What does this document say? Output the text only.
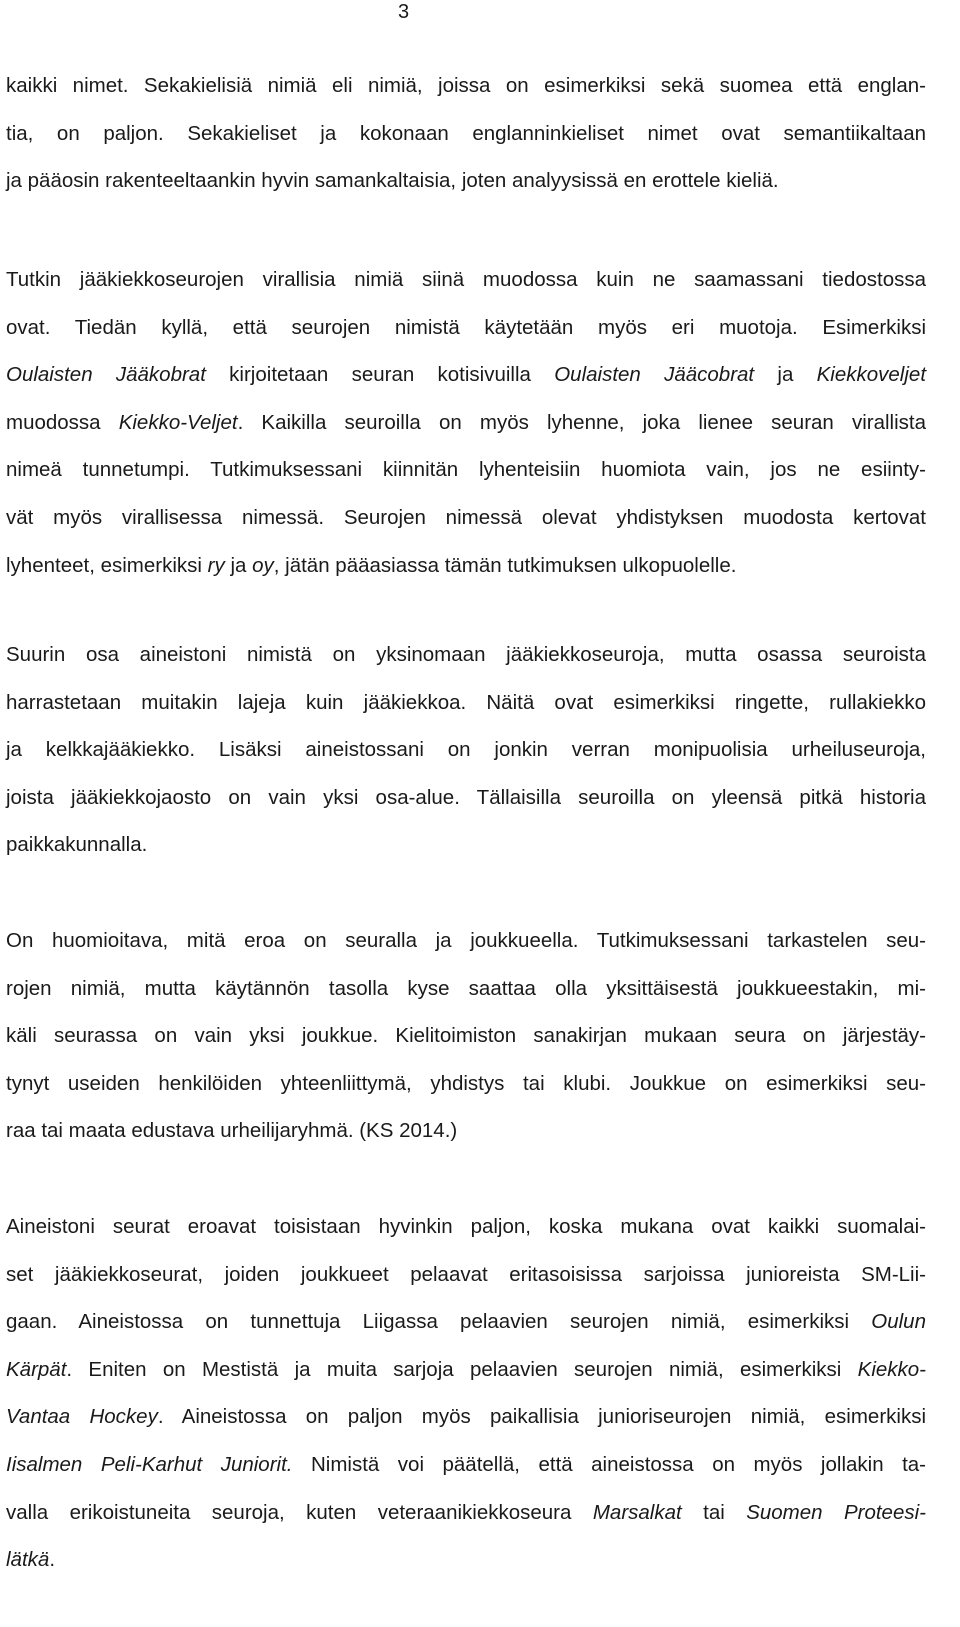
3
kaikki nimet. Sekakielisiä nimiä eli nimiä, joissa on esimerkiksi sekä suomea että englan-
tia, on paljon. Sekakieliset ja kokonaan englanninkieliset nimet ovat semantiikaltaan
ja pääosin rakenteeltaankin hyvin samankaltaisia, joten analyysissä en erottele kieliä.
Tutkin jääkiekkoseurojen virallisia nimiä siinä muodossa kuin ne saamassani tiedostossa
ovat. Tiedän kyllä, että seurojen nimistä käytetään myös eri muotoja. Esimerkiksi
Oulaisten Jääkobrat kirjoitetaan seuran kotisivuilla Oulaisten Jääcobrat ja Kiekkoveljet
muodossa Kiekko-Veljet. Kaikilla seuroilla on myös lyhenne, joka lienee seuran virallista
nimeä tunnetumpi. Tutkimuksessani kiinnitän lyhenteisiin huomiota vain, jos ne esiinty-
vät myös virallisessa nimessä. Seurojen nimessä olevat yhdistyksen muodosta kertovat
lyhenteet, esimerkiksi ry ja oy, jätän pääasiassa tämän tutkimuksen ulkopuolelle.
Suurin osa aineistoni nimistä on yksinomaan jääkiekkoseuroja, mutta osassa seuroista
harrastetaan muitakin lajeja kuin jääkiekkoa. Näitä ovat esimerkiksi ringette, rullakiekko
ja kelkkajääkiekko. Lisäksi aineistossani on jonkin verran monipuolisia urheiluseuroja,
joista jääkiekkojaosto on vain yksi osa-alue. Tällaisilla seuroilla on yleensä pitkä historia
paikkakunnalla.
On huomioitava, mitä eroa on seuralla ja joukkueella. Tutkimuksessani tarkastelen seu-
rojen nimiä, mutta käytännön tasolla kyse saattaa olla yksittäisestä joukkueestakin, mi-
käli seurassa on vain yksi joukkue. Kielitoimiston sanakirjan mukaan seura on järjestäy-
tynyt useiden henkilöiden yhteenliittymä, yhdistys tai klubi. Joukkue on esimerkiksi seu-
raa tai maata edustava urheilijaryhmä. (KS 2014.)
Aineistoni seurat eroavat toisistaan hyvinkin paljon, koska mukana ovat kaikki suomalai-
set jääkiekkoseurat, joiden joukkueet pelaavat eritasoisissa sarjoissa junioreista SM-Lii-
gaan. Aineistossa on tunnettuja Liigassa pelaavien seurojen nimiä, esimerkiksi Oulun
Kärpät. Eniten on Mestistä ja muita sarjoja pelaavien seurojen nimiä, esimerkiksi Kiekko-
Vantaa Hockey. Aineistossa on paljon myös paikallisia junioriseurojen nimiä, esimerkiksi
Iisalmen Peli-Karhut Juniorit. Nimistä voi päätellä, että aineistossa on myös jollakin ta-
valla erikoistuneita seuroja, kuten veteraanikiekkoseura Marsalkat tai Suomen Proteesi-
lätkä.
